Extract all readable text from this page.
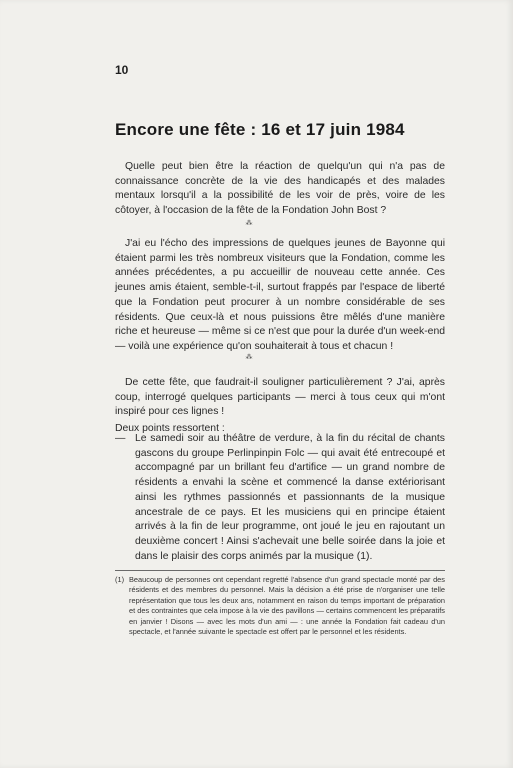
10
Encore une fête : 16 et 17 juin 1984

Quelle peut bien être la réaction de quelqu'un qui n'a pas de connaissance concrète de la vie des handicapés et des malades mentaux lorsqu'il a la possibilité de les voir de près, voire de les côtoyer, à l'occasion de la fête de la Fondation John Bost ?

⁂

J'ai eu l'écho des impressions de quelques jeunes de Bayonne qui étaient parmi les très nombreux visiteurs que la Fondation, comme les années précédentes, a pu accueillir de nouveau cette année. Ces jeunes amis étaient, semble-t-il, surtout frappés par l'espace de liberté que la Fondation peut procurer à un nombre considérable de ses résidents. Que ceux-là et nous puissions être mêlés d'une manière riche et heureuse — même si ce n'est que pour la durée d'un week-end — voilà une expérience qu'on souhaiterait à tous et chacun !

⁂

De cette fête, que faudrait-il souligner particulièrement ? J'ai, après coup, interrogé quelques participants — merci à tous ceux qui m'ont inspiré pour ces lignes !

Deux points ressortent :

— Le samedi soir au théâtre de verdure, à la fin du récital de chants gascons du groupe Perlinpinpin Folc — qui avait été entrecoupé et accompagné par un brillant feu d'artifice — un grand nombre de résidents a envahi la scène et commencé la danse extériorisant ainsi les rythmes passionnés et passionnants de la musique ancestrale de ce pays. Et les musiciens qui en principe étaient arrivés à la fin de leur programme, ont joué le jeu en rajoutant un deuxième concert ! Ainsi s'achevait une belle soirée dans la joie et dans le plaisir des corps animés par la musique (1).
(1) Beaucoup de personnes ont cependant regretté l'absence d'un grand spectacle monté par des résidents et des membres du personnel. Mais la décision a été prise de n'organiser une telle représentation que tous les deux ans, notamment en raison du temps important de préparation et des contraintes que cela impose à la vie des pavillons — certains commencent les préparatifs en janvier ! Disons — avec les mots d'un ami — : une année la Fondation fait cadeau d'un spectacle, et l'année suivante le spectacle est offert par le personnel et les résidents.
